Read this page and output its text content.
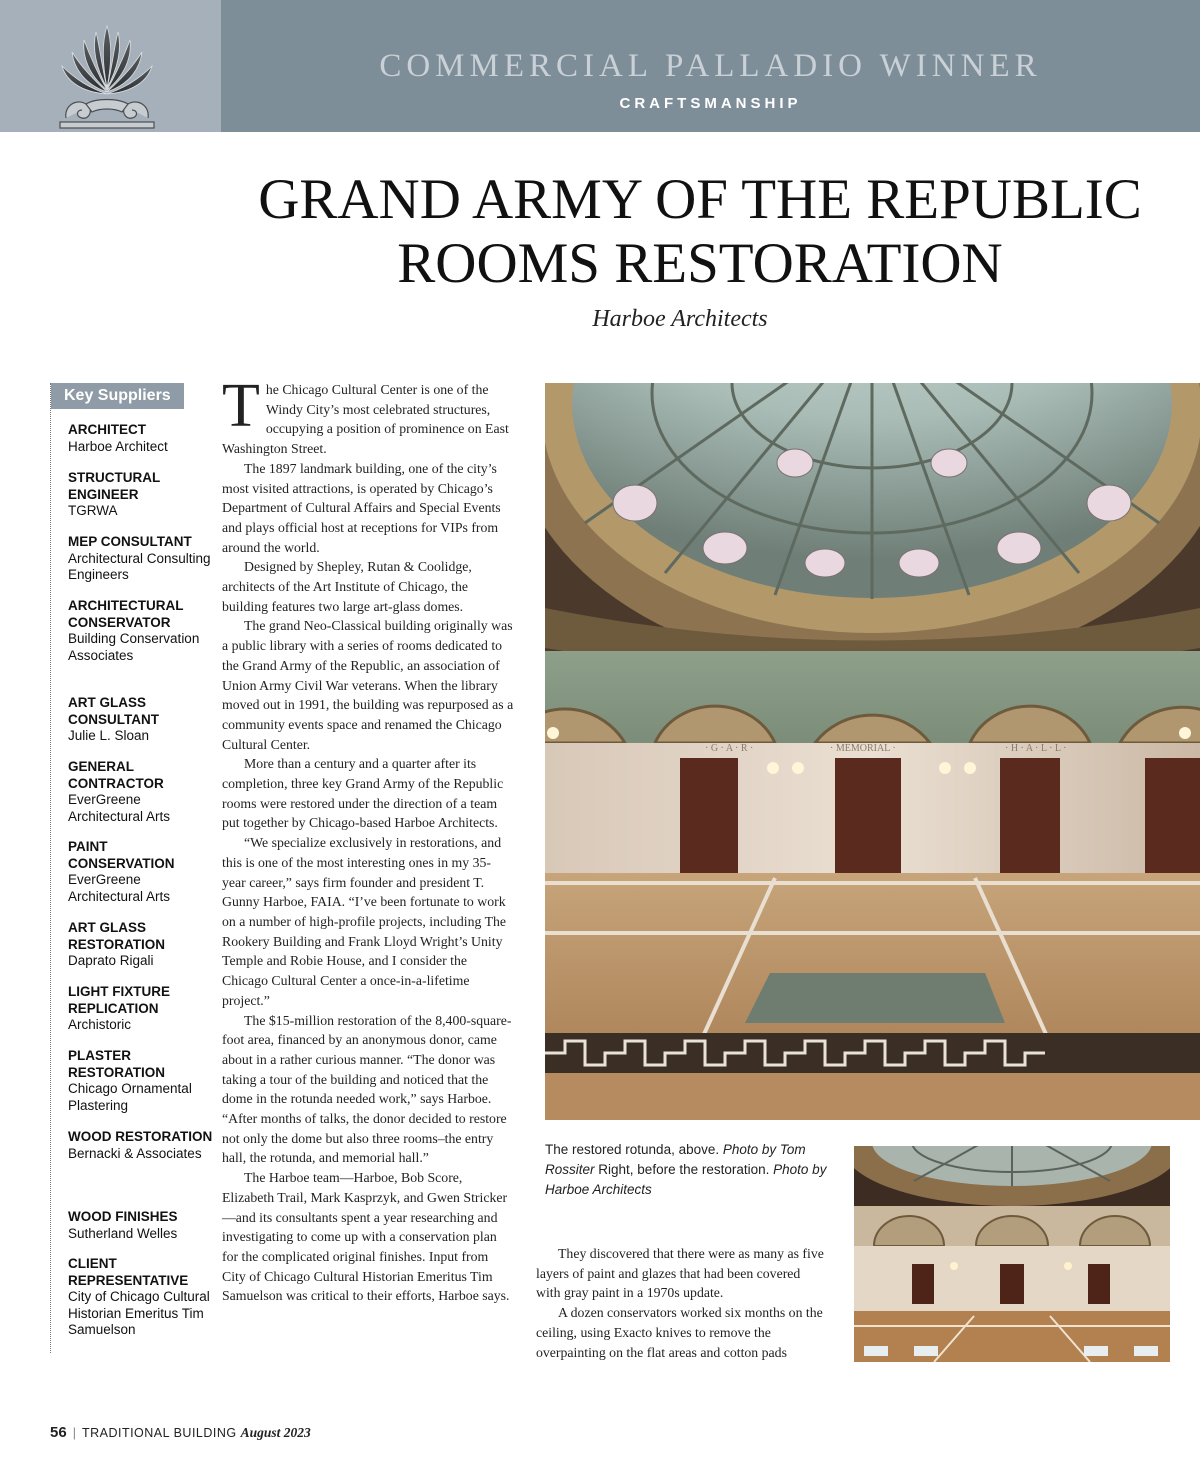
COMMERCIAL PALLADIO WINNER
CRAFTSMANSHIP
GRAND ARMY OF THE REPUBLIC
ROOMS RESTORATION
Harboe Architects
Key Suppliers
ARCHITECT
Harboe Architect
STRUCTURAL ENGINEER
TGRWA
MEP CONSULTANT
Architectural Consulting Engineers
ARCHITECTURAL CONSERVATOR
Building Conservation Associates
ART GLASS CONSULTANT
Julie L. Sloan
GENERAL CONTRACTOR
EverGreene Architectural Arts
PAINT CONSERVATION
EverGreene Architectural Arts
ART GLASS RESTORATION
Daprato Rigali
LIGHT FIXTURE REPLICATION
Archistoric
PLASTER RESTORATION
Chicago Ornamental Plastering
WOOD RESTORATION
Bernacki & Associates
WOOD FINISHES
Sutherland Welles
CLIENT REPRESENTATIVE
City of Chicago Cultural Historian Emeritus Tim Samuelson

The Chicago Cultural Center is one of the Windy City’s most celebrated structures, occupying a position of prominence on East Washington Street.

The 1897 landmark building, one of the city’s most visited attractions, is operated by Chicago’s Department of Cultural Affairs and Special Events and plays official host at receptions for VIPs from around the world.

Designed by Shepley, Rutan & Coolidge, architects of the Art Institute of Chicago, the building features two large art-glass domes.

The grand Neo-Classical building originally was a public library with a series of rooms dedicated to the Grand Army of the Republic, an association of Union Army Civil War veterans. When the library moved out in 1991, the building was repurposed as a community events space and renamed the Chicago Cultural Center.

More than a century and a quarter after its completion, three key Grand Army of the Republic rooms were restored under the direction of a team put together by Chicago-based Harboe Architects.

“We specialize exclusively in restorations, and this is one of the most interesting ones in my 35-year career,” says firm founder and president T. Gunny Harboe, FAIA. “I’ve been fortunate to work on a number of high-profile projects, including The Rookery Building and Frank Lloyd Wright’s Unity Temple and Robie House, and I consider the Chicago Cultural Center a once-in-a-lifetime project.”

The $15-million restoration of the 8,400-square-foot area, financed by an anonymous donor, came about in a rather curious manner. “The donor was taking a tour of the building and noticed that the dome in the rotunda needed work,” says Harboe. “After months of talks, the donor decided to restore not only the dome but also three rooms–the entry hall, the rotunda, and memorial hall.”

The Harboe team—Harboe, Bob Score, Elizabeth Trail, Mark Kasprzyk, and Gwen Stricker—and its consultants spent a year researching and investigating to come up with a conservation plan for the complicated original finishes. Input from City of Chicago Cultural Historian Emeritus Tim Samuelson was critical to their efforts, Harboe says.

· G · A · R ·	· MEMORIAL ·	· H · A · L · L ·
The restored rotunda, above. Photo by Tom Rossiter Right, before the restoration. Photo by Harboe Architects

They discovered that there were as many as five layers of paint and glazes that had been covered with gray paint in a 1970s update.

A dozen conservators worked six months on the ceiling, using Exacto knives to remove the overpainting on the flat areas and cotton pads

56 | TRADITIONAL BUILDING August 2023
